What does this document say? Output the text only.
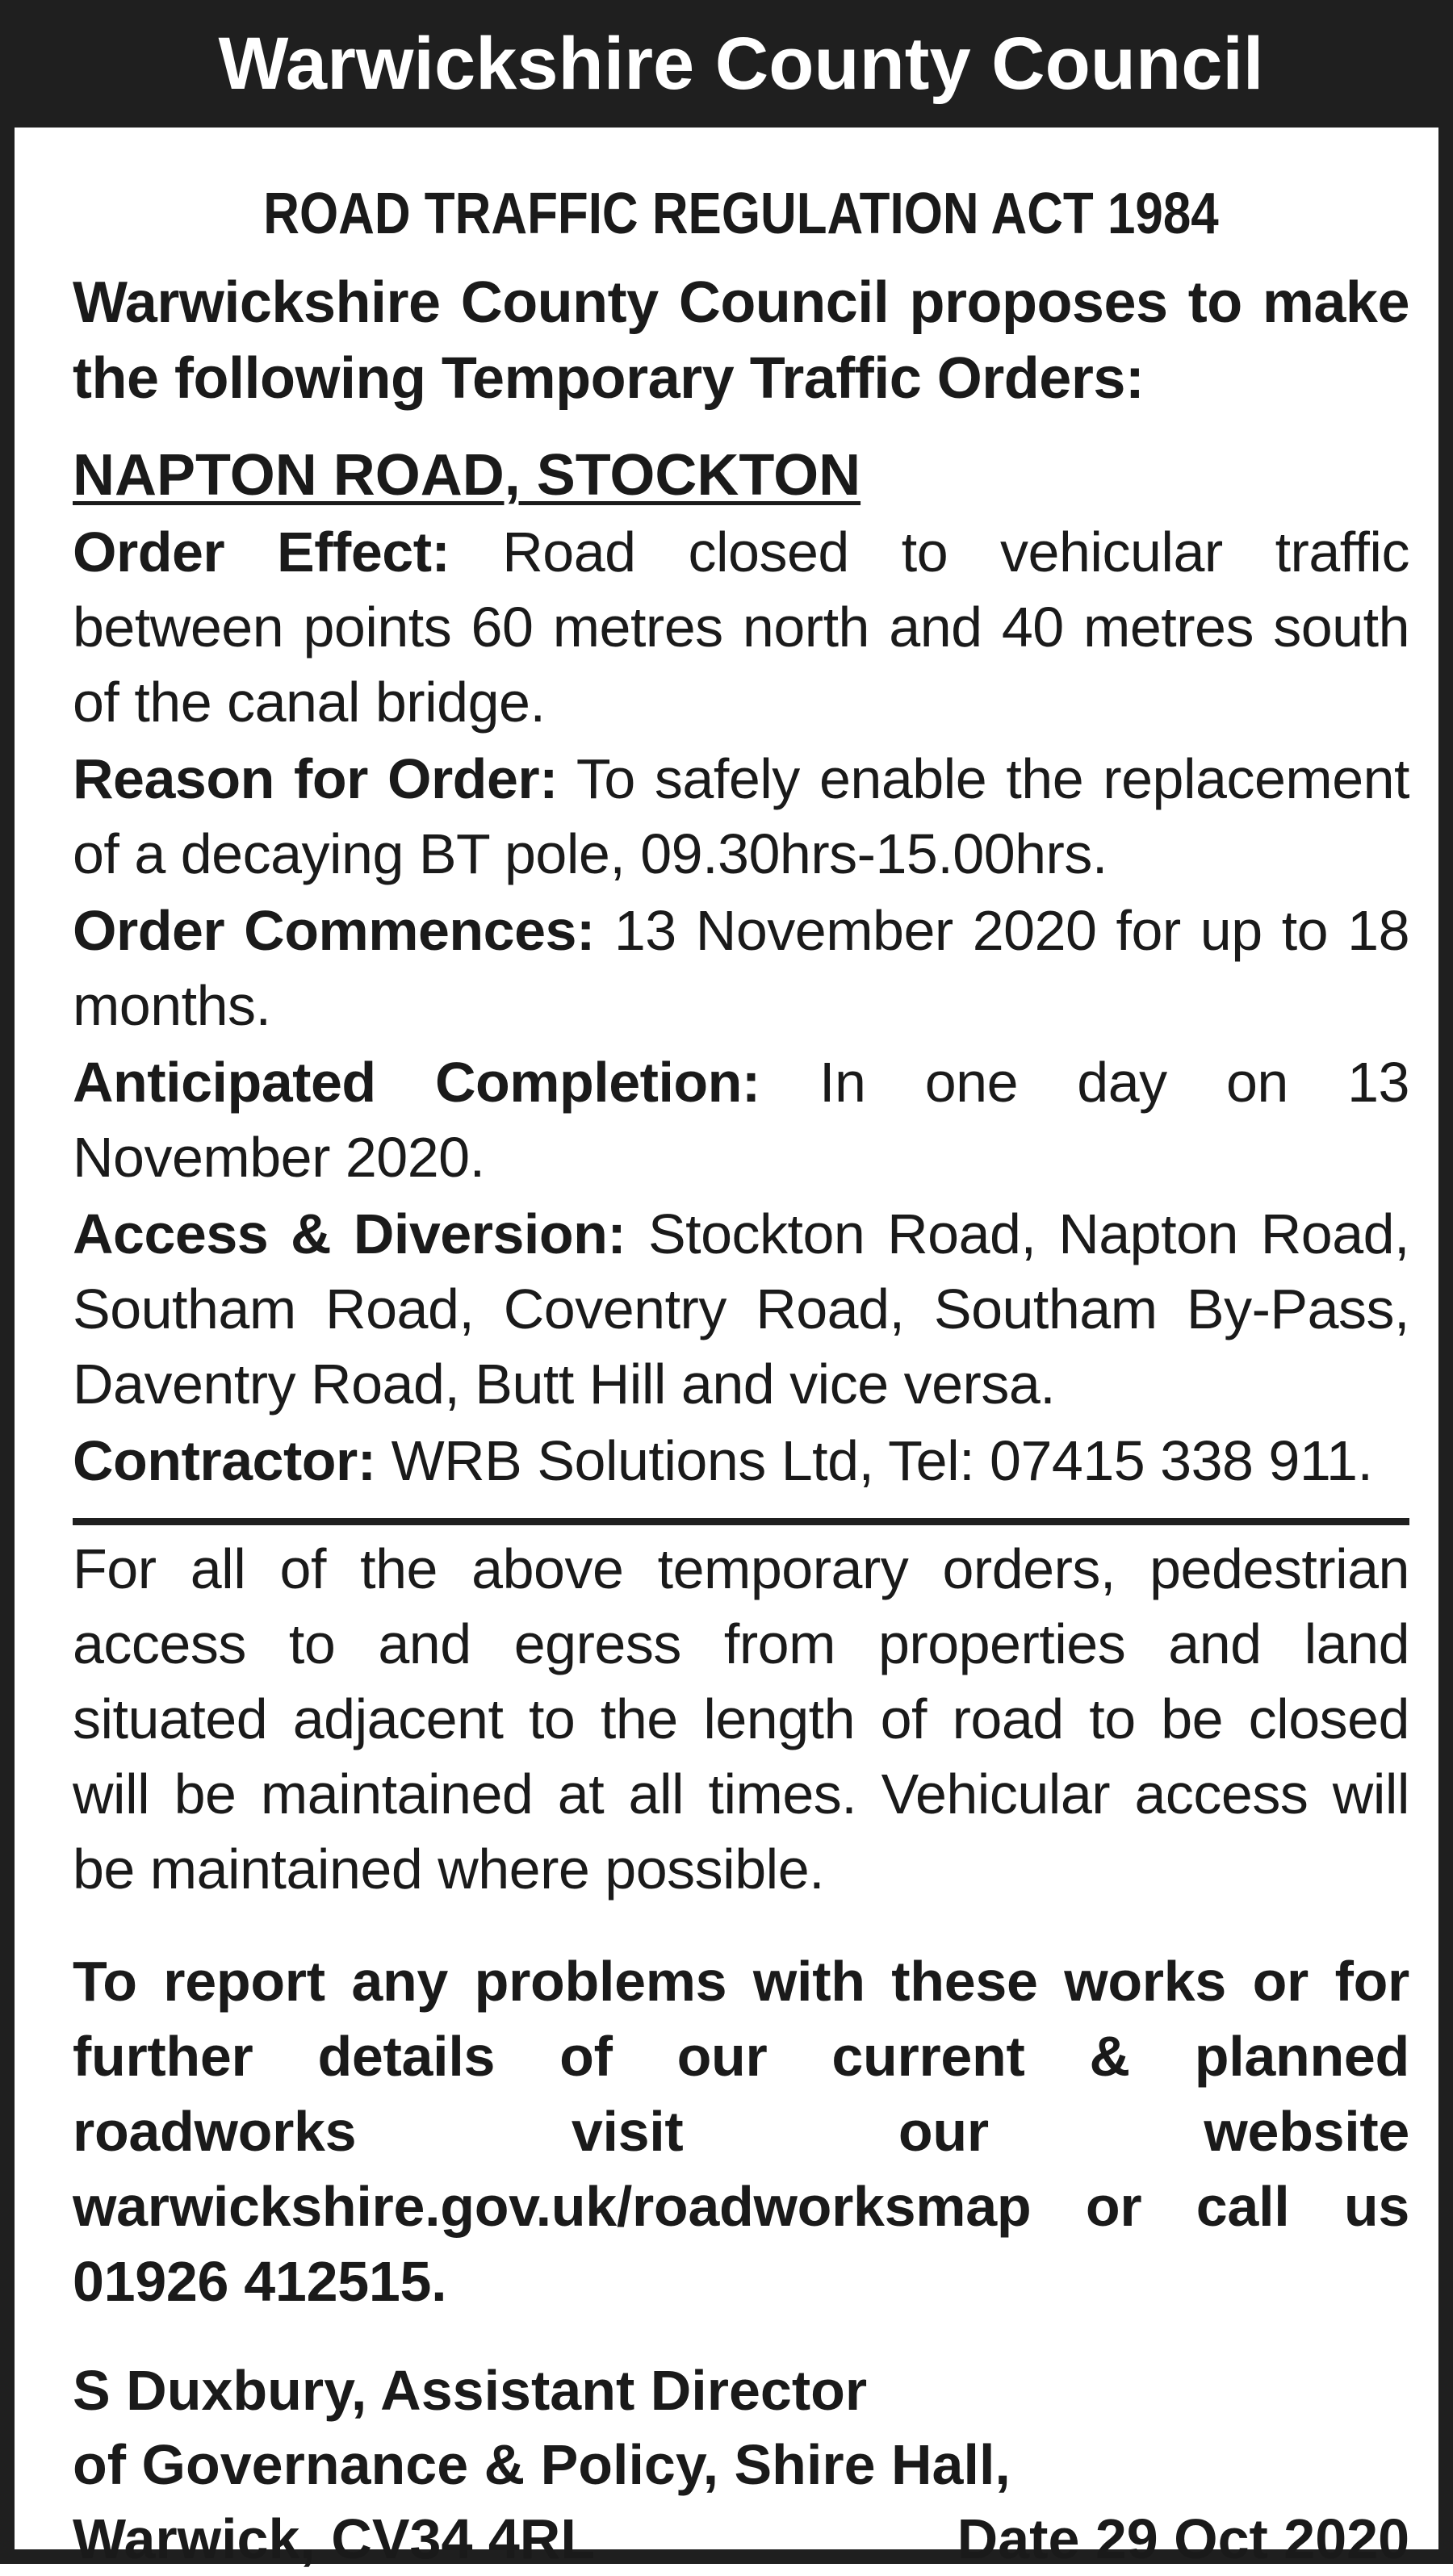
Warwickshire County Council
ROAD TRAFFIC REGULATION ACT 1984
Warwickshire County Council proposes to make the following Temporary Traffic Orders:
NAPTON ROAD, STOCKTON
Order Effect: Road closed to vehicular traffic between points 60 metres north and 40 metres south of the canal bridge.
Reason for Order: To safely enable the replacement of a decaying BT pole, 09.30hrs-15.00hrs.
Order Commences: 13 November 2020 for up to 18 months.
Anticipated Completion: In one day on 13 November 2020.
Access & Diversion: Stockton Road, Napton Road, Southam Road, Coventry Road, Southam By-Pass, Daventry Road, Butt Hill and vice versa.
Contractor: WRB Solutions Ltd, Tel: 07415 338 911.
For all of the above temporary orders, pedestrian access to and egress from properties and land situated adjacent to the length of road to be closed will be maintained at all times. Vehicular access will be maintained where possible.
To report any problems with these works or for further details of our current & planned roadworks visit our website warwickshire.gov.uk/roadworksmap or call us 01926 412515.
S Duxbury, Assistant Director
of Governance & Policy, Shire Hall,
Warwick, CV34 4RL	Date 29 Oct 2020
